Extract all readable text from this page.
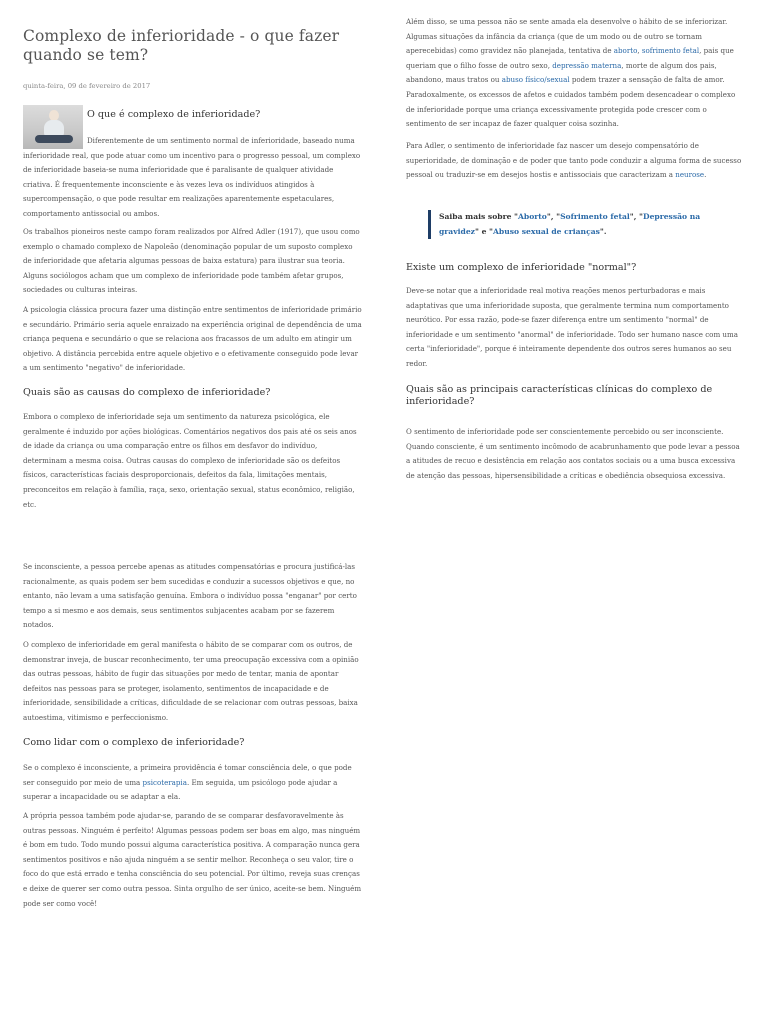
Complexo de inferioridade - o que fazer quando se tem?
quinta-feira, 09 de fevereiro de 2017
O que é complexo de inferioridade?

Diferentemente de um sentimento normal de inferioridade, baseado numa inferioridade real, que pode atuar como um incentivo para o progresso pessoal, um complexo de inferioridade baseia-se numa inferioridade que é paralisante de qualquer atividade criativa. É frequentemente inconsciente e às vezes leva os indivíduos atingidos à supercompensação, o que pode resultar em realizações aparentemente espetaculares, comportamento antissocial ou ambos.

Os trabalhos pioneiros neste campo foram realizados por Alfred Adler (1917), que usou como exemplo o chamado complexo de Napoleão (denominação popular de um suposto complexo de inferioridade que afetaria algumas pessoas de baixa estatura) para ilustrar sua teoria. Alguns sociólogos acham que um complexo de inferioridade pode também afetar grupos, sociedades ou culturas inteiras.

A psicologia clássica procura fazer uma distinção entre sentimentos de inferioridade primário e secundário. Primário seria aquele enraizado na experiência original de dependência de uma criança pequena e secundário o que se relaciona aos fracassos de um adulto em atingir um objetivo. A distância percebida entre aquele objetivo e o efetivamente conseguido pode levar a um sentimento "negativo" de inferioridade.

Quais são as causas do complexo de inferioridade?

Embora o complexo de inferioridade seja um sentimento da natureza psicológica, ele geralmente é induzido por ações biológicas. Comentários negativos dos pais até os seis anos de idade da criança ou uma comparação entre os filhos em desfavor do indivíduo, determinam a mesma coisa. Outras causas do complexo de inferioridade são os defeitos físicos, características faciais desproporcionais, defeitos da fala, limitações mentais, preconceitos em relação à família, raça, sexo, orientação sexual, status econômico, religião, etc.

Se inconsciente, a pessoa percebe apenas as atitudes compensatórias e procura justificá-las racionalmente, as quais podem ser bem sucedidas e conduzir a sucessos objetivos e que, no entanto, não levam a uma satisfação genuína. Embora o indivíduo possa "enganar" por certo tempo a si mesmo e aos demais, seus sentimentos subjacentes acabam por se fazerem notados.

O complexo de inferioridade em geral manifesta o hábito de se comparar com os outros, de demonstrar inveja, de buscar reconhecimento, ter uma preocupação excessiva com a opinião das outras pessoas, hábito de fugir das situações por medo de tentar, mania de apontar defeitos nas pessoas para se proteger, isolamento, sentimentos de incapacidade e de inferioridade, sensibilidade a críticas, dificuldade de se relacionar com outras pessoas, baixa autoestima, vitimismo e perfeccionismo.

Como lidar com o complexo de inferioridade?

Se o complexo é inconsciente, a primeira providência é tomar consciência dele, o que pode ser conseguido por meio de uma psicoterapia. Em seguida, um psicólogo pode ajudar a superar a incapacidade ou se adaptar a ela.

A própria pessoa também pode ajudar-se, parando de se comparar desfavoravelmente às outras pessoas. Ninguém é perfeito! Algumas pessoas podem ser boas em algo, mas ninguém é bom em tudo. Todo mundo possui alguma característica positiva. A comparação nunca gera sentimentos positivos e não ajuda ninguém a se sentir melhor. Reconheça o seu valor, tire o foco do que está errado e tenha consciência do seu potencial. Por último, reveja suas crenças e deixe de querer ser como outra pessoa. Sinta orgulho de ser único, aceite-se bem. Ninguém pode ser como você!

Além disso, se uma pessoa não se sente amada ela desenvolve o hábito de se inferiorizar. Algumas situações da infância da criança (que de um modo ou de outro se tornam aperecebidas) como gravidez não planejada, tentativa de aborto, sofrimento fetal, pais que queriam que o filho fosse de outro sexo, depressão materna, morte de algum dos pais, abandono, maus tratos ou abuso físico/sexual podem trazer a sensação de falta de amor. Paradoxalmente, os excessos de afetos e cuidados também podem desencadear o complexo de inferioridade porque uma criança excessivamente protegida pode crescer com o sentimento de ser incapaz de fazer qualquer coisa sozinha.

Para Adler, o sentimento de inferioridade faz nascer um desejo compensatório de superioridade, de dominação e de poder que tanto pode conduzir a alguma forma de sucesso pessoal ou traduzir-se em desejos hostis e antissociais que caracterizam a neurose.

Saiba mais sobre "Aborto", "Sofrimento fetal", "Depressão na gravidez" e "Abuso sexual de crianças".
Existe um complexo de inferioridade "normal"?

Deve-se notar que a inferioridade real motiva reações menos perturbadoras e mais adaptativas que uma inferioridade suposta, que geralmente termina num comportamento neurótico. Por essa razão, pode-se fazer diferença entre um sentimento "normal" de inferioridade e um sentimento "anormal" de inferioridade. Todo ser humano nasce com uma certa "inferioridade", porque é inteiramente dependente dos outros seres humanos ao seu redor.

Quais são as principais características clínicas do complexo de inferioridade?

O sentimento de inferioridade pode ser conscientemente percebido ou ser inconsciente. Quando consciente, é um sentimento incômodo de acabrunhamento que pode levar a pessoa a atitudes de recuo e desistência em relação aos contatos sociais ou a uma busca excessiva de atenção das pessoas, hipersensibilidade a críticas e obediência obsequiosa excessiva.
